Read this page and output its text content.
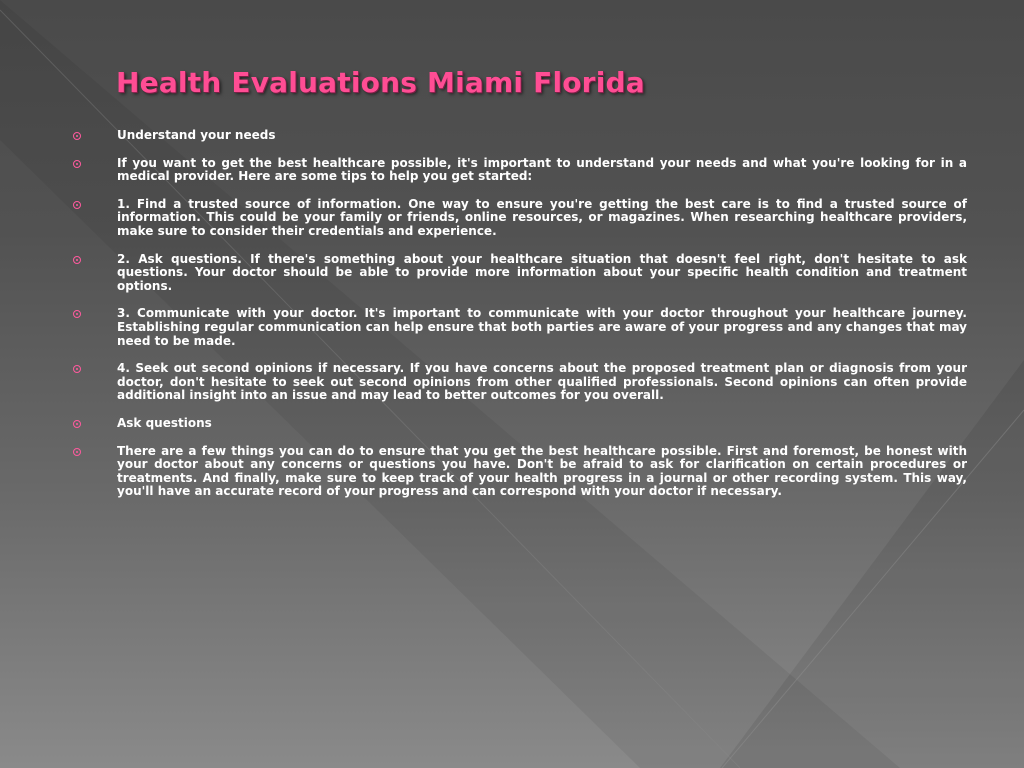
Health Evaluations Miami Florida
Understand your needs
If you want to get the best healthcare possible, it's important to understand your needs and what you're looking for in a medical provider. Here are some tips to help you get started:
1. Find a trusted source of information. One way to ensure you're getting the best care is to find a trusted source of information. This could be your family or friends, online resources, or magazines. When researching healthcare providers, make sure to consider their credentials and experience.
2. Ask questions. If there's something about your healthcare situation that doesn't feel right, don't hesitate to ask questions. Your doctor should be able to provide more information about your specific health condition and treatment options.
3. Communicate with your doctor. It's important to communicate with your doctor throughout your healthcare journey. Establishing regular communication can help ensure that both parties are aware of your progress and any changes that may need to be made.
4. Seek out second opinions if necessary. If you have concerns about the proposed treatment plan or diagnosis from your doctor, don't hesitate to seek out second opinions from other qualified professionals. Second opinions can often provide additional insight into an issue and may lead to better outcomes for you overall.
Ask questions
There are a few things you can do to ensure that you get the best healthcare possible. First and foremost, be honest with your doctor about any concerns or questions you have. Don't be afraid to ask for clarification on certain procedures or treatments. And finally, make sure to keep track of your health progress in a journal or other recording system. This way, you'll have an accurate record of your progress and can correspond with your doctor if necessary.
